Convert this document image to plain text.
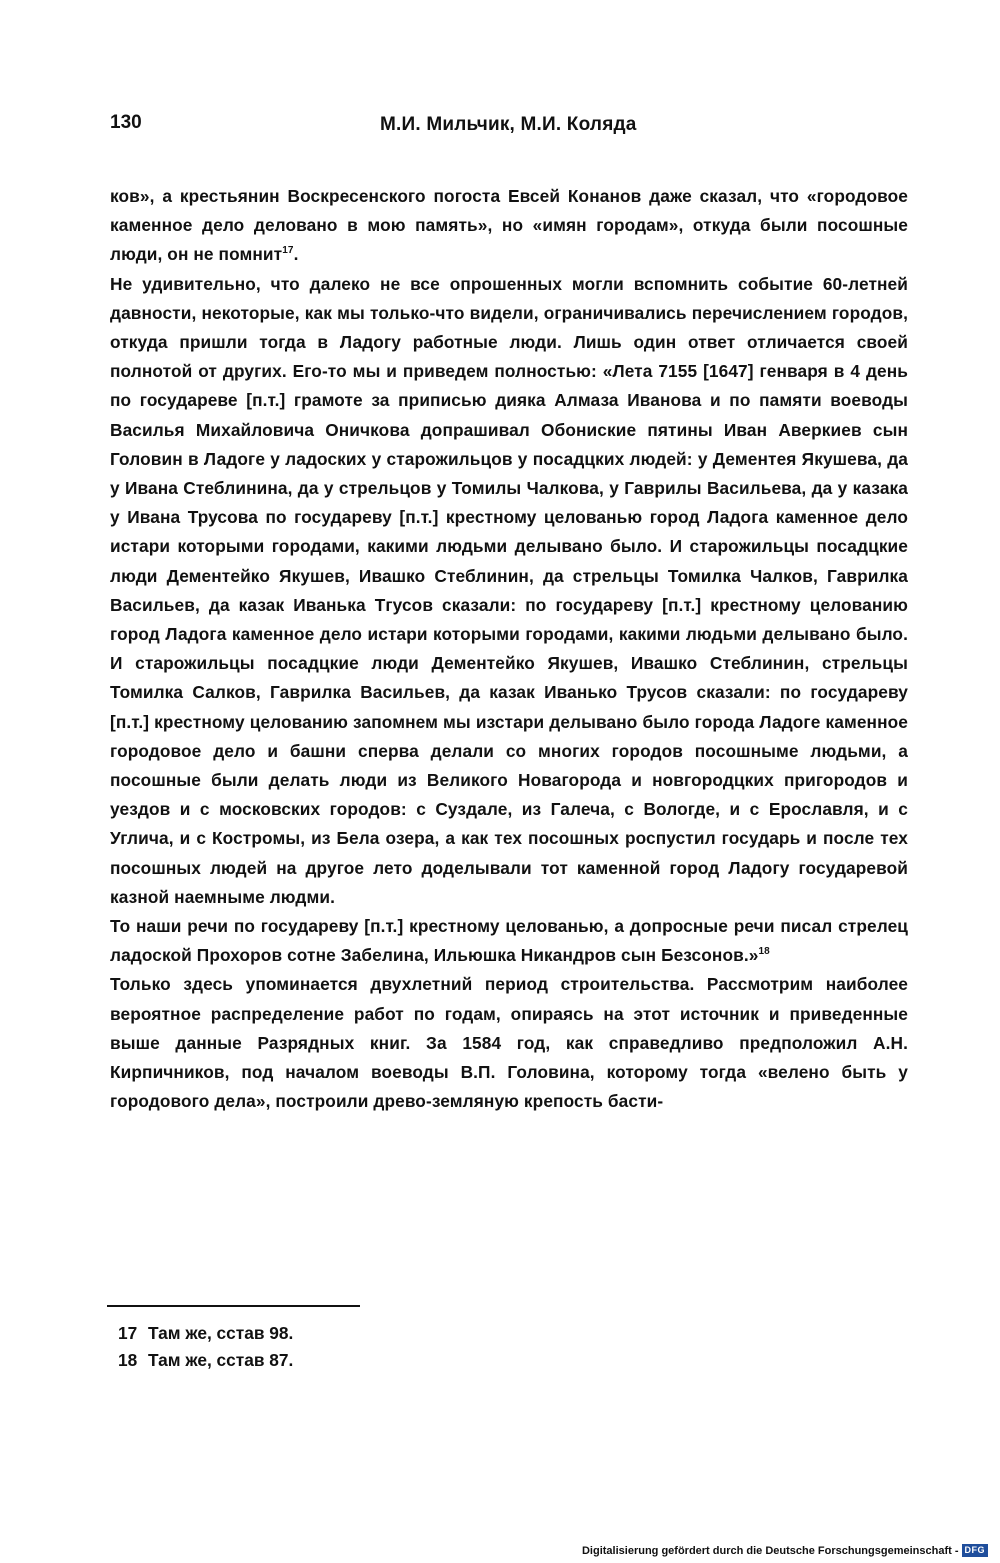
130	М.И. Мильчик, М.И. Коляда

ков», а крестьянин Воскресенского погоста Евсей Конанов даже сказал, что «городовое каменное дело деловано в мою память», но «имян городам», откуда были посошные люди, он не помнит$^{17}$.

Не удивительно, что далеко не все опрошенных могли вспомнить событие 60-летней давности, некоторые, как мы только-что видели, ограничивались перечислением городов, откуда пришли тогда в Ладогу работные люди. Лишь один ответ отличается своей полнотой от других. Его-то мы и приведем полностью: «Лета 7155 [1647] генваря в 4 день по государеве [п.т.] грамоте за приписью дияка Алмаза Иванова и по памяти воеводы Василья Михайловича Оничкова допрашивал Обониские пятины Иван Аверкиев сын Головин в Ладоге у ладоских у старожильцов у посадцких людей: у Дементея Якушева, да у Ивана Стеблинина, да у стрельцов у Томилы Чалкова, у Гаврилы Васильева, да у казака у Ивана Трусова по государеву [п.т.] крестному целованью город Ладога каменное дело истари которыми городами, какими людьми делывано было. И старожильцы посадцкие люди Дементейко Якушев, Ивашко Стеблинин, да стрельцы Томилка Чалков, Гаврилка Васильев, да казак Иванька Тгусов сказали: по государеву [п.т.] крестному целованию город Ладога каменное дело истари которыми городами, какими людьми делывано было. И старожильцы посадцкие люди Дементейко Якушев, Ивашко Стеблинин, стрельцы Томилка Салков, Гаврилка Васильев, да казак Иванько Трусов сказали: по государеву [п.т.] крестному целованию запомнем мы изстари делывано было города Ладоге каменное городовое дело и башни сперва делали со многих городов посошныме людьми, а посошные были делать люди из Великого Новагорода и новгородцких пригородов и уездов и с московских городов: с Суздале, из Галеча, с Вологде, и с Ерославля, и с Углича, и с Костромы, из Бела озера, а как тех посошных роспустил государь и после тех посошных людей на другое лето доделывали тот каменной город Ладогу государевой казной наемныме людми.

То наши речи по государеву [п.т.] крестному целованью, а допросные речи писал стрелец ладоской Прохоров сотне Забелина, Ильюшка Никандров сын Безсонов.»$^{18}$

Только здесь упоминается двухлетний период строительства. Рассмотрим наиболее вероятное распределение работ по годам, опираясь на этот источник и приведенные выше данные Разрядных книг. За 1584 год, как справедливо предположил А.Н. Кирпичников, под началом воеводы В.П. Головина, которому тогда «велено быть у городового дела», построили древо-земляную крепость басти-

17 Там же, сстав 98.
18 Там же, сстав 87.
Digitalisierung gefördert durch die Deutsche Forschungsgemeinschaft - DFG
